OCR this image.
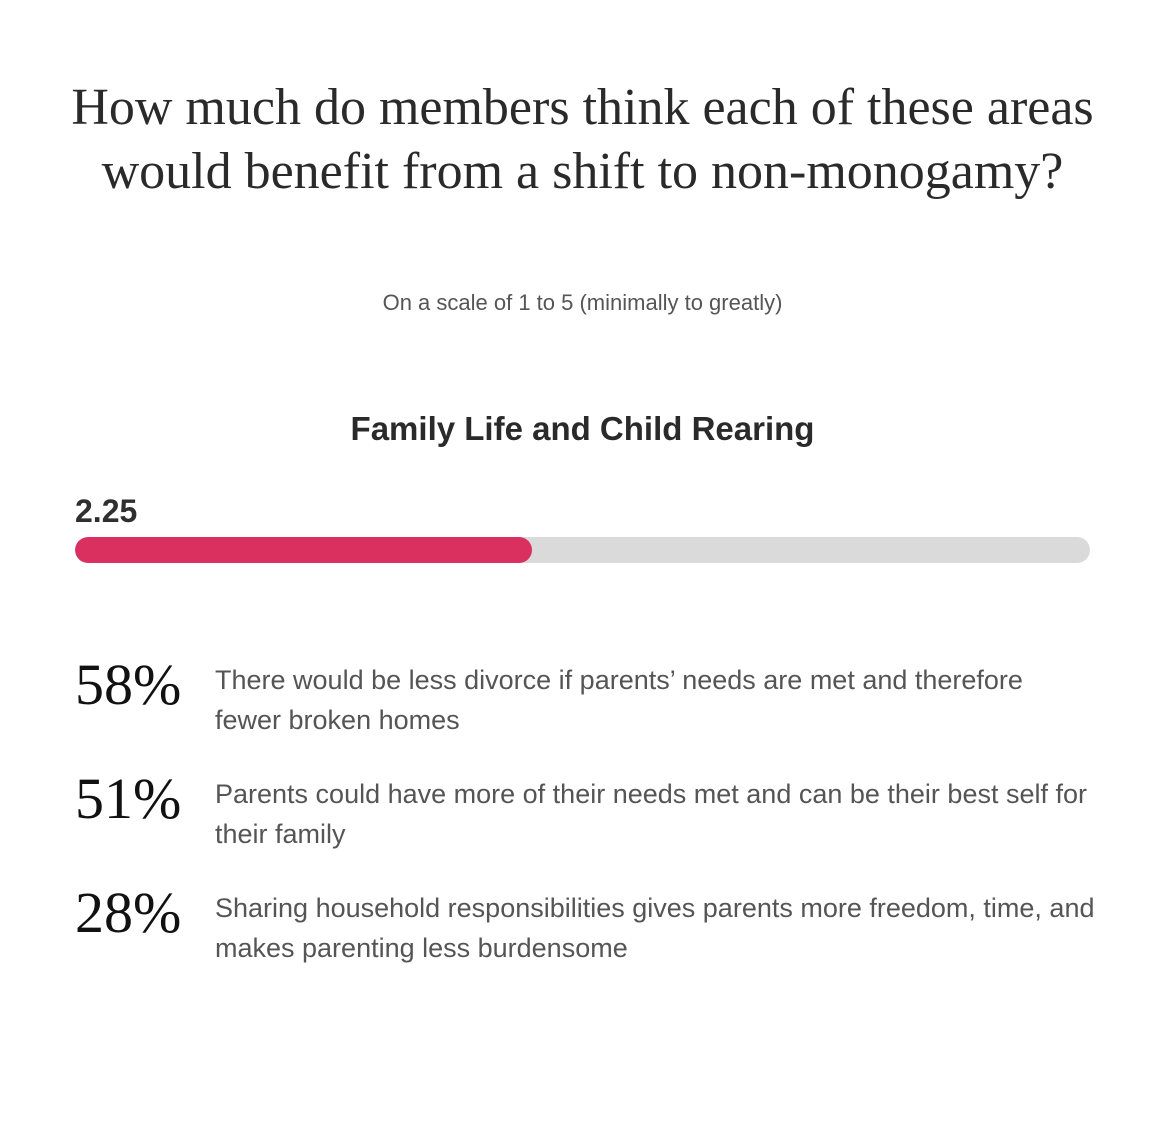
How much do members think each of these areas would benefit from a shift to non-monogamy?
On a scale of 1 to 5 (minimally to greatly)
Family Life and Child Rearing
2.25
58% There would be less divorce if parents’ needs are met and therefore fewer broken homes
51% Parents could have more of their needs met and can be their best self for their family
28% Sharing household responsibilities gives parents more freedom, time, and makes parenting less burdensome
